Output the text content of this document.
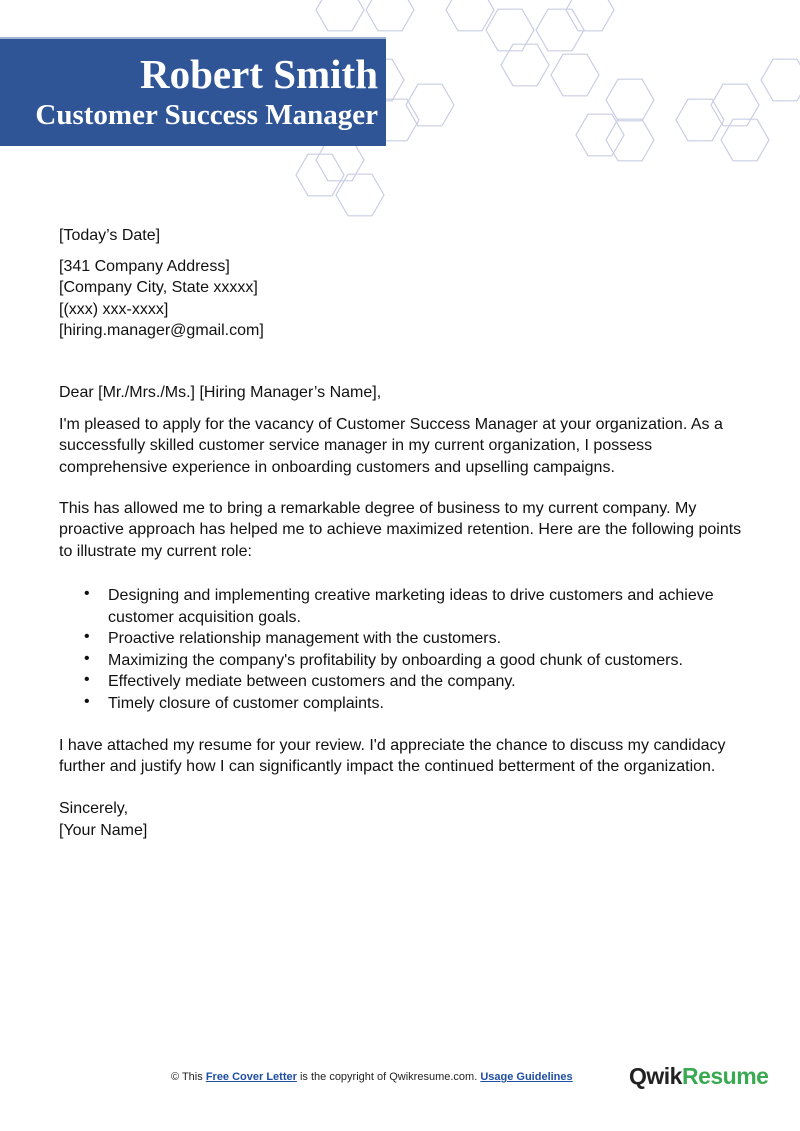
Robert Smith
Customer Success Manager
[Today’s Date]
[341 Company Address]
[Company City, State xxxxx]
[(xxx) xxx-xxxx]
[hiring.manager@gmail.com]
Dear [Mr./Mrs./Ms.] [Hiring Manager’s Name],
I'm pleased to apply for the vacancy of Customer Success Manager at your organization. As a
successfully skilled customer service manager in my current organization, I possess
comprehensive experience in onboarding customers and upselling campaigns.
This has allowed me to bring a remarkable degree of business to my current company. My
proactive approach has helped me to achieve maximized retention. Here are the following points
to illustrate my current role:
• Designing and implementing creative marketing ideas to drive customers and achieve
customer acquisition goals.
• Proactive relationship management with the customers.
• Maximizing the company's profitability by onboarding a good chunk of customers.
• Effectively mediate between customers and the company.
• Timely closure of customer complaints.
I have attached my resume for your review. I'd appreciate the chance to discuss my candidacy
further and justify how I can significantly impact the continued betterment of the organization.
Sincerely,
[Your Name]
© This Free Cover Letter is the copyright of Qwikresume.com. Usage Guidelines QwikResume
